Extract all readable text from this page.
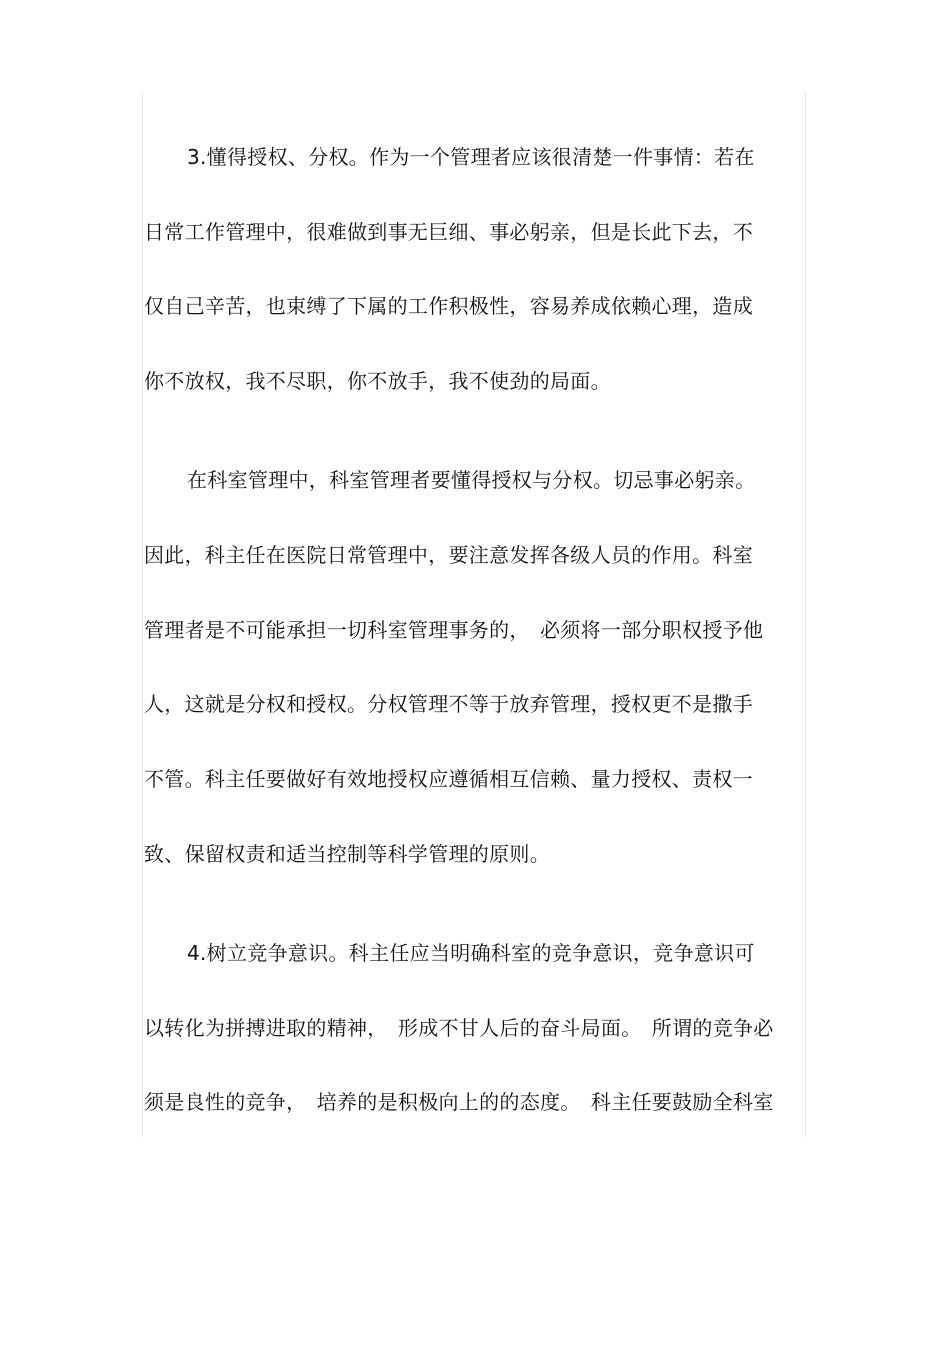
3.懂得授权、分权。作为一个管理者应该很清楚一件事情：若在
日常工作管理中，很难做到事无巨细、事必躬亲，但是长此下去，不
仅自己辛苦，也束缚了下属的工作积极性，容易养成依赖心理，造成
你不放权，我不尽职，你不放手，我不使劲的局面。
在科室管理中，科室管理者要懂得授权与分权。切忌事必躬亲。
因此，科主任在医院日常管理中，要注意发挥各级人员的作用。科室
管理者是不可能承担一切科室管理事务的，　必须将一部分职权授予他
人，这就是分权和授权。分权管理不等于放弃管理，授权更不是撒手
不管。科主任要做好有效地授权应遵循相互信赖、量力授权、责权一
致、保留权责和适当控制等科学管理的原则。
4.树立竞争意识。科主任应当明确科室的竞争意识，竞争意识可
以转化为拼搏进取的精神，　形成不甘人后的奋斗局面。　所谓的竞争必
须是良性的竞争，　培养的是积极向上的的态度。　科主任要鼓励全科室
